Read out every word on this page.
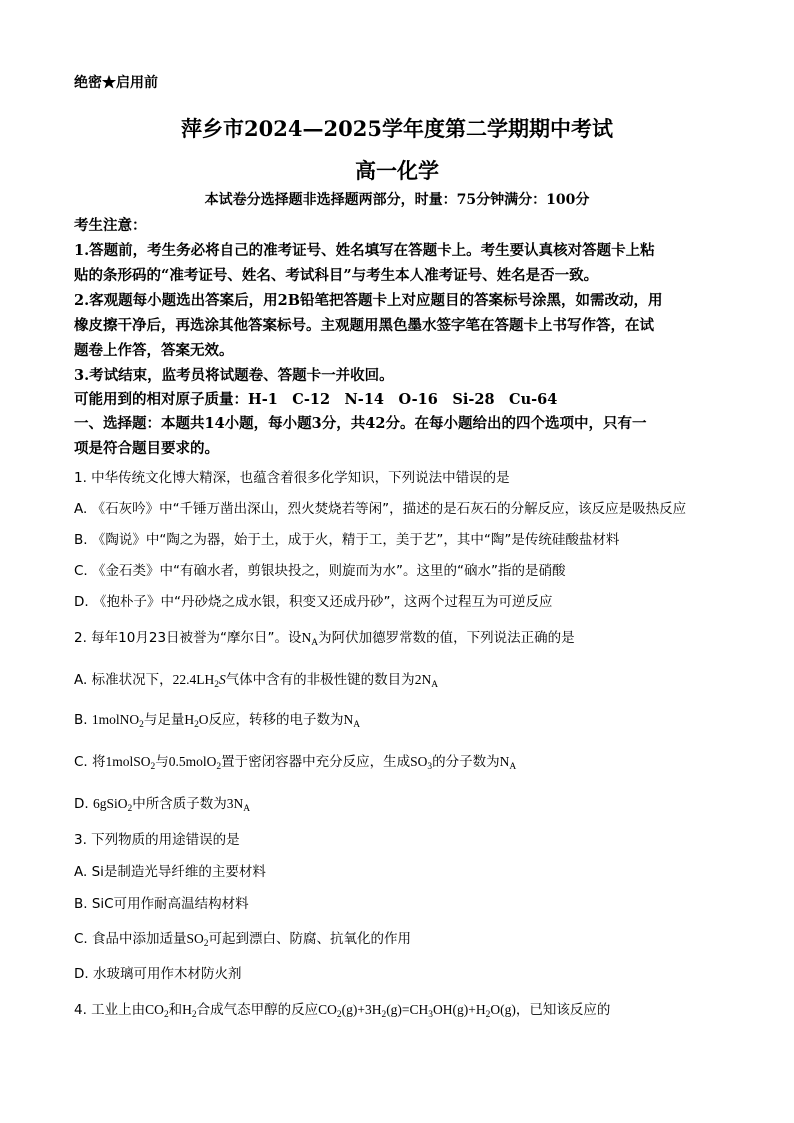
绝密★启用前
萍乡市2024—2025学年度第二学期期中考试
高一化学
本试卷分选择题非选择题两部分，时量：75分钟满分：100分
考生注意：
1.答题前，考生务必将自己的准考证号、姓名填写在答题卡上。考生要认真核对答题卡上粘
贴的条形码的“准考证号、姓名、考试科目”与考生本人准考证号、姓名是否一致。
2.客观题每小题选出答案后，用2B铅笔把答题卡上对应题目的答案标号涂黑，如需改动，用
橡皮擦干净后，再选涂其他答案标号。主观题用黑色墨水签字笔在答题卡上书写作答，在试
题卷上作答，答案无效。
3.考试结束，监考员将试题卷、答题卡一并收回。
可能用到的相对原子质量：H-1　C-12　N-14　O-16　Si-28　Cu-64
一、选择题：本题共14小题，每小题3分，共42分。在每小题给出的四个选项中，只有一
项是符合题目要求的。
1. 中华传统文化博大精深，也蕴含着很多化学知识，下列说法中错误的是
A. 《石灰吟》中“千锤万凿出深山，烈火焚烧若等闲”，描述的是石灰石的分解反应，该反应是吸热反应
B. 《陶说》中“陶之为器，始于土，成于火，精于工，美于艺”，其中“陶”是传统硅酸盐材料
C. 《金石类》中“有硇水者，剪银块投之，则旋而为水”。这里的“硇水”指的是硝酸
D. 《抱朴子》中“丹砂烧之成水银，积变又还成丹砂”，这两个过程互为可逆反应
2. 每年10月23日被誉为“摩尔日”。设$N_A$为阿伏加德罗常数的值，下列说法正确的是
A. 标准状况下，$22.4LH_2S$气体中含有的非极性键的数目为$2N_A$
B. 1molNO$_2$与足量$H_2O$反应，转移的电子数为$N_A$
C. 将1molSO$_2$与0.5molO$_2$置于密闭容器中充分反应，生成$SO_3$的分子数为$N_A$
D. 6gSiO$_2$中所含质子数为$3N_A$
3. 下列物质的用途错误的是
A. Si是制造光导纤维的主要材料
B. SiC可用作耐高温结构材料
C. 食品中添加适量$SO_2$可起到漂白、防腐、抗氧化的作用
D. 水玻璃可用作木材防火剂
4. 工业上由$CO_2$和$H_2$合成气态甲醇的反应$CO_2(g)+3H_2(g)=CH_3OH(g)+H_2O(g)$，已知该反应的
